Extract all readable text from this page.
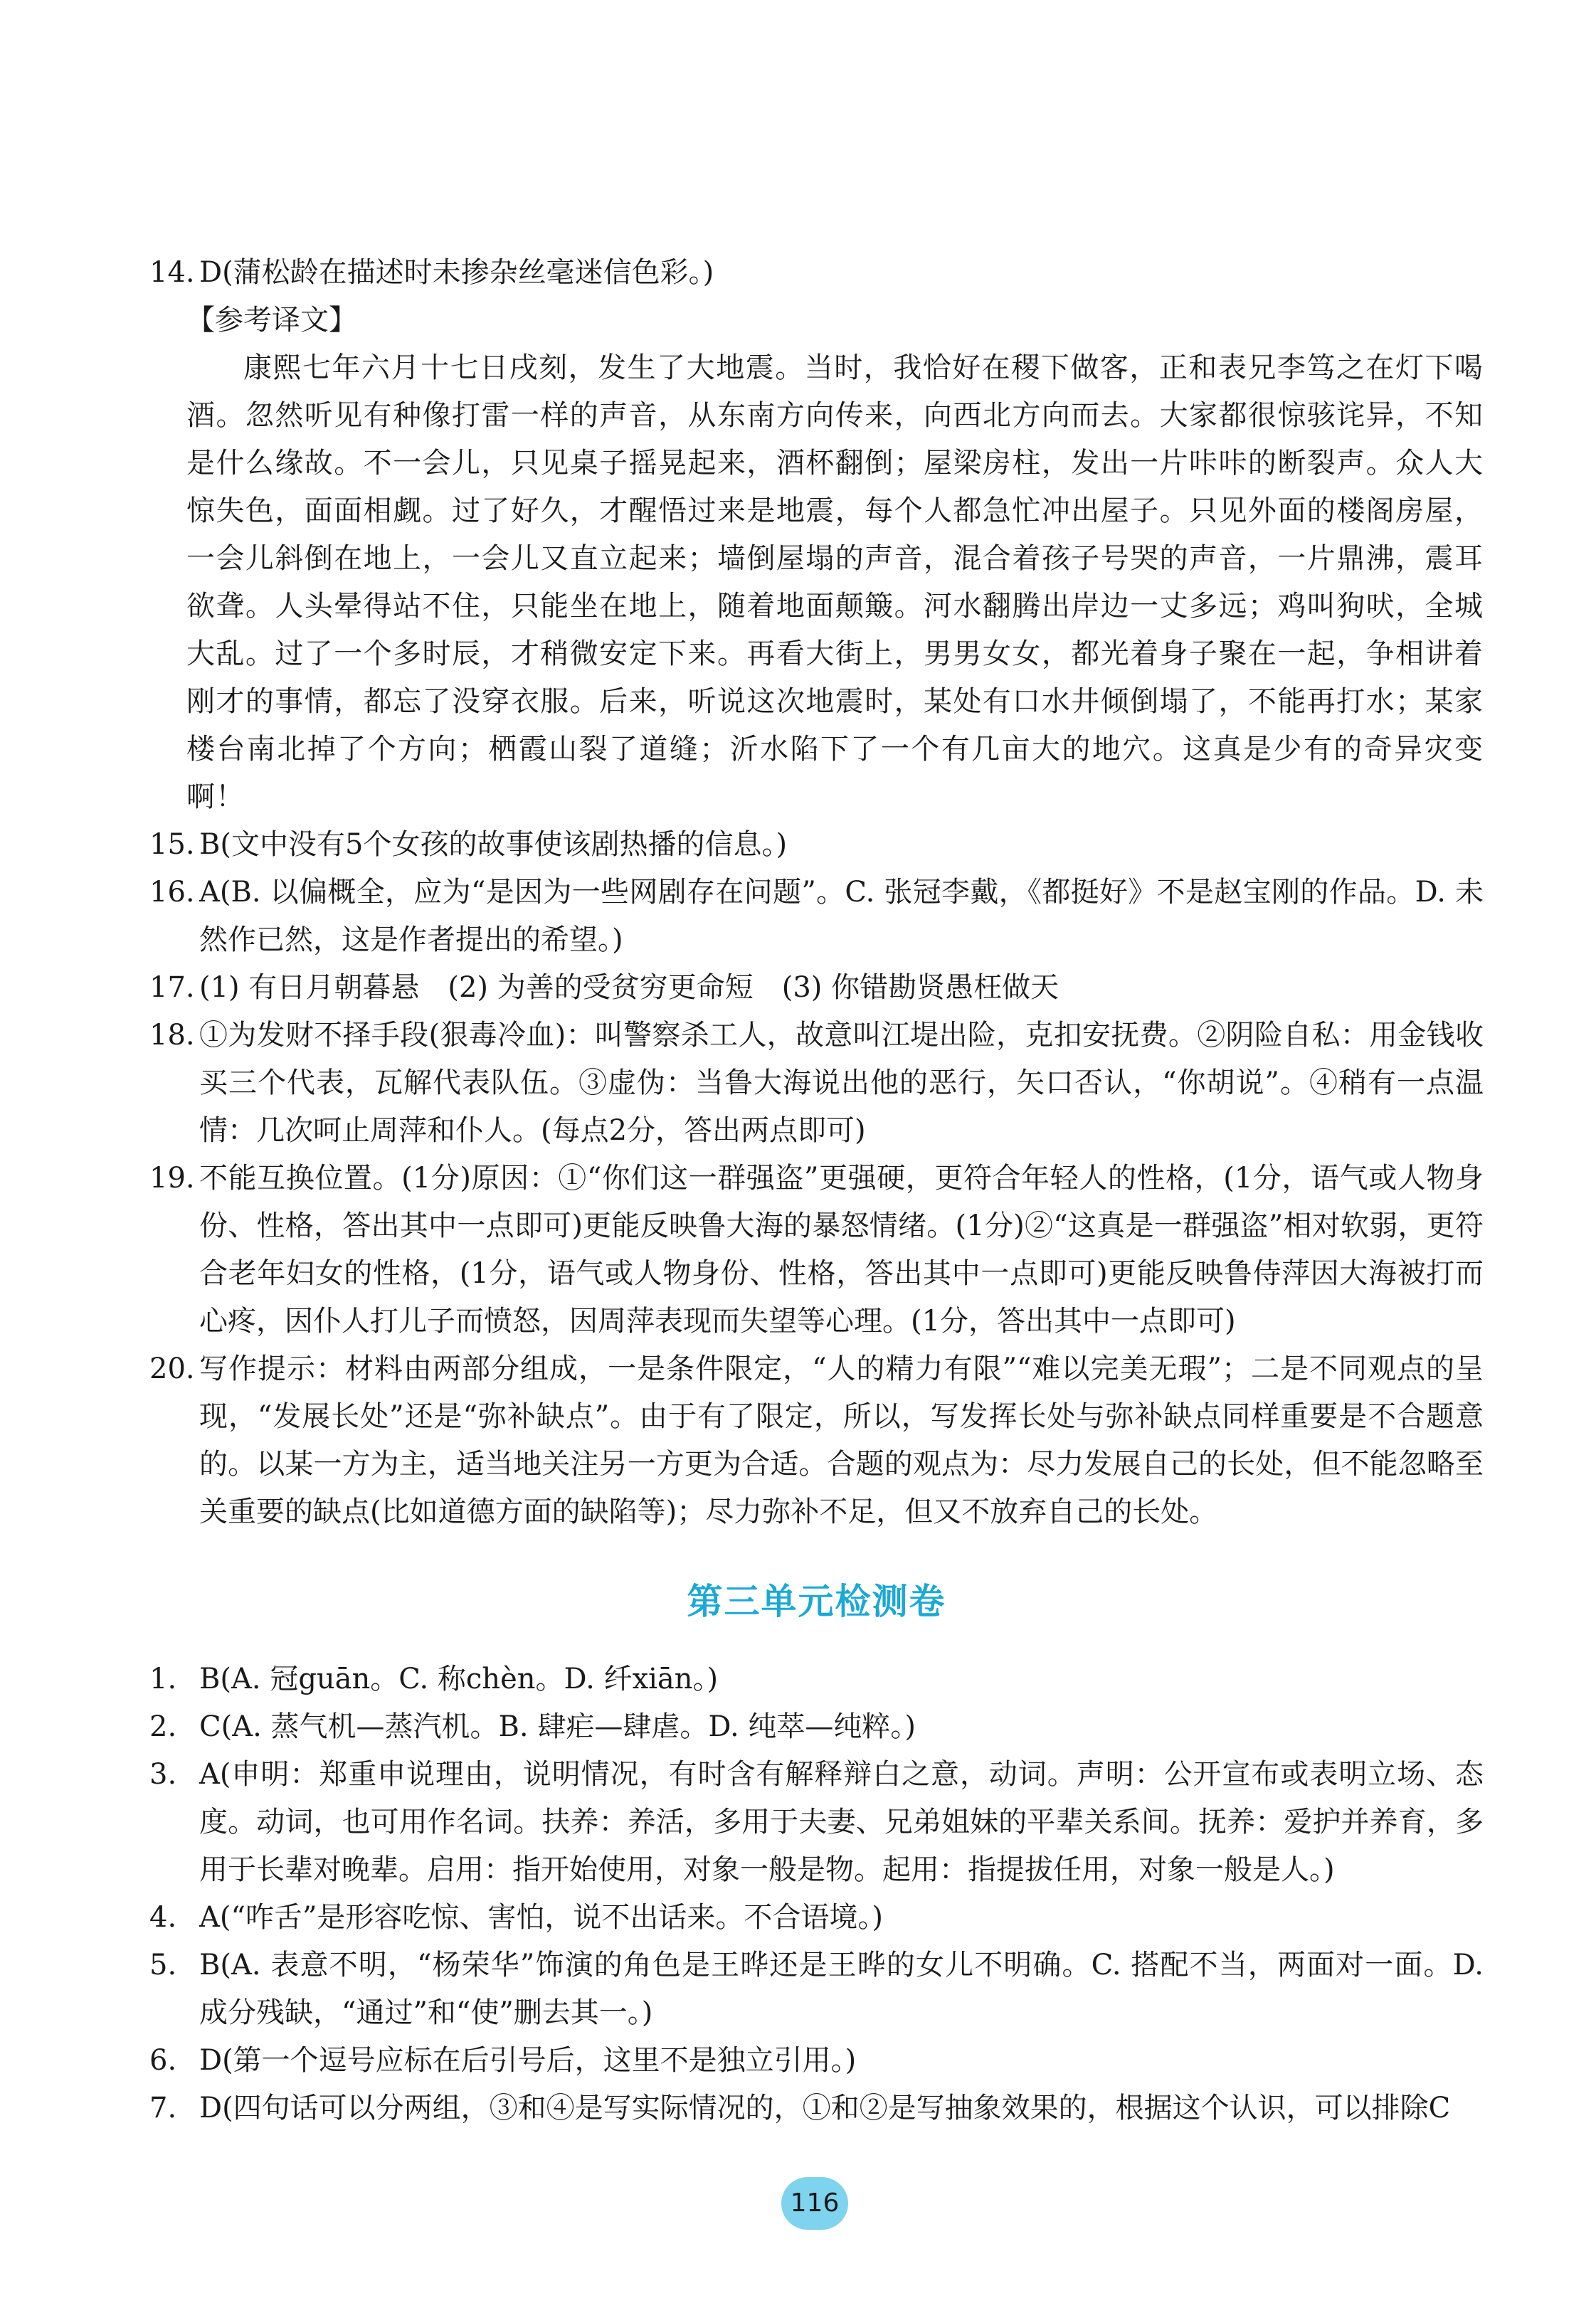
14. D(蒲松龄在描述时未掺杂丝毫迷信色彩。)
【参考译文】
康熙七年六月十七日戌刻，发生了大地震。当时，我恰好在稷下做客，正和表兄李笃之在灯下喝酒。忽然听见有种像打雷一样的声音，从东南方向传来，向西北方向而去。大家都很惊骇诧异，不知是什么缘故。不一会儿，只见桌子摇晃起来，酒杯翻倒；屋梁房柱，发出一片咔咔的断裂声。众人大惊失色，面面相觑。过了好久，才醒悟过来是地震，每个人都急忙冲出屋子。只见外面的楼阁房屋，一会儿斜倒在地上，一会儿又直立起来；墙倒屋塌的声音，混合着孩子号哭的声音，一片鼎沸，震耳欲聋。人头晕得站不住，只能坐在地上，随着地面颠簸。河水翻腾出岸边一丈多远；鸡叫狗吠，全城大乱。过了一个多时辰，才稍微安定下来。再看大街上，男男女女，都光着身子聚在一起，争相讲着刚才的事情，都忘了没穿衣服。后来，听说这次地震时，某处有口水井倾倒塌了，不能再打水；某家楼台南北掉了个方向；栖霞山裂了道缝；沂水陷下了一个有几亩大的地穴。这真是少有的奇异灾变啊！
15. B(文中没有5个女孩的故事使该剧热播的信息。)
16. A(B. 以偏概全，应为“是因为一些网剧存在问题”。C. 张冠李戴，《都挺好》不是赵宝刚的作品。D. 未然作已然，这是作者提出的希望。)
17. (1) 有日月朝暮悬　(2) 为善的受贫穷更命短　(3) 你错勘贤愚枉做天
18. ①为发财不择手段(狠毒冷血)：叫警察杀工人，故意叫江堤出险，克扣安抚费。②阴险自私：用金钱收买三个代表，瓦解代表队伍。③虚伪：当鲁大海说出他的恶行，矢口否认，“你胡说”。④稍有一点温情：几次呵止周萍和仆人。(每点2分，答出两点即可)
19. 不能互换位置。(1分)原因：①“你们这一群强盗”更强硬，更符合年轻人的性格，(1分，语气或人物身份、性格，答出其中一点即可)更能反映鲁大海的暴怒情绪。(1分)②“这真是一群强盗”相对软弱，更符合老年妇女的性格，(1分，语气或人物身份、性格，答出其中一点即可)更能反映鲁侍萍因大海被打而心疼，因仆人打儿子而愤怒，因周萍表现而失望等心理。(1分，答出其中一点即可)
20. 写作提示：材料由两部分组成，一是条件限定，“人的精力有限”“难以完美无瑕”；二是不同观点的呈现，“发展长处”还是“弥补缺点”。由于有了限定，所以，写发挥长处与弥补缺点同样重要是不合题意的。以某一方为主，适当地关注另一方更为合适。合题的观点为：尽力发展自己的长处，但不能忽略至关重要的缺点(比如道德方面的缺陷等)；尽力弥补不足，但又不放弃自己的长处。
第三单元检测卷
1. B(A. 冠guān。C. 称chèn。D. 纤xiān。)
2. C(A. 蒸气机—蒸汽机。B. 肆疟—肆虐。D. 纯萃—纯粹。)
3. A(申明：郑重申说理由，说明情况，有时含有解释辩白之意，动词。声明：公开宣布或表明立场、态度。动词，也可用作名词。扶养：养活，多用于夫妻、兄弟姐妹的平辈关系间。抚养：爱护并养育，多用于长辈对晚辈。启用：指开始使用，对象一般是物。起用：指提拔任用，对象一般是人。)
4. A(“咋舌”是形容吃惊、害怕，说不出话来。不合语境。)
5. B(A. 表意不明，“杨荣华”饰演的角色是王晔还是王晔的女儿不明确。C. 搭配不当，两面对一面。D. 成分残缺，“通过”和“使”删去其一。)
6. D(第一个逗号应标在后引号后，这里不是独立引用。)
7. D(四句话可以分两组，③和④是写实际情况的，①和②是写抽象效果的，根据这个认识，可以排除C
116
